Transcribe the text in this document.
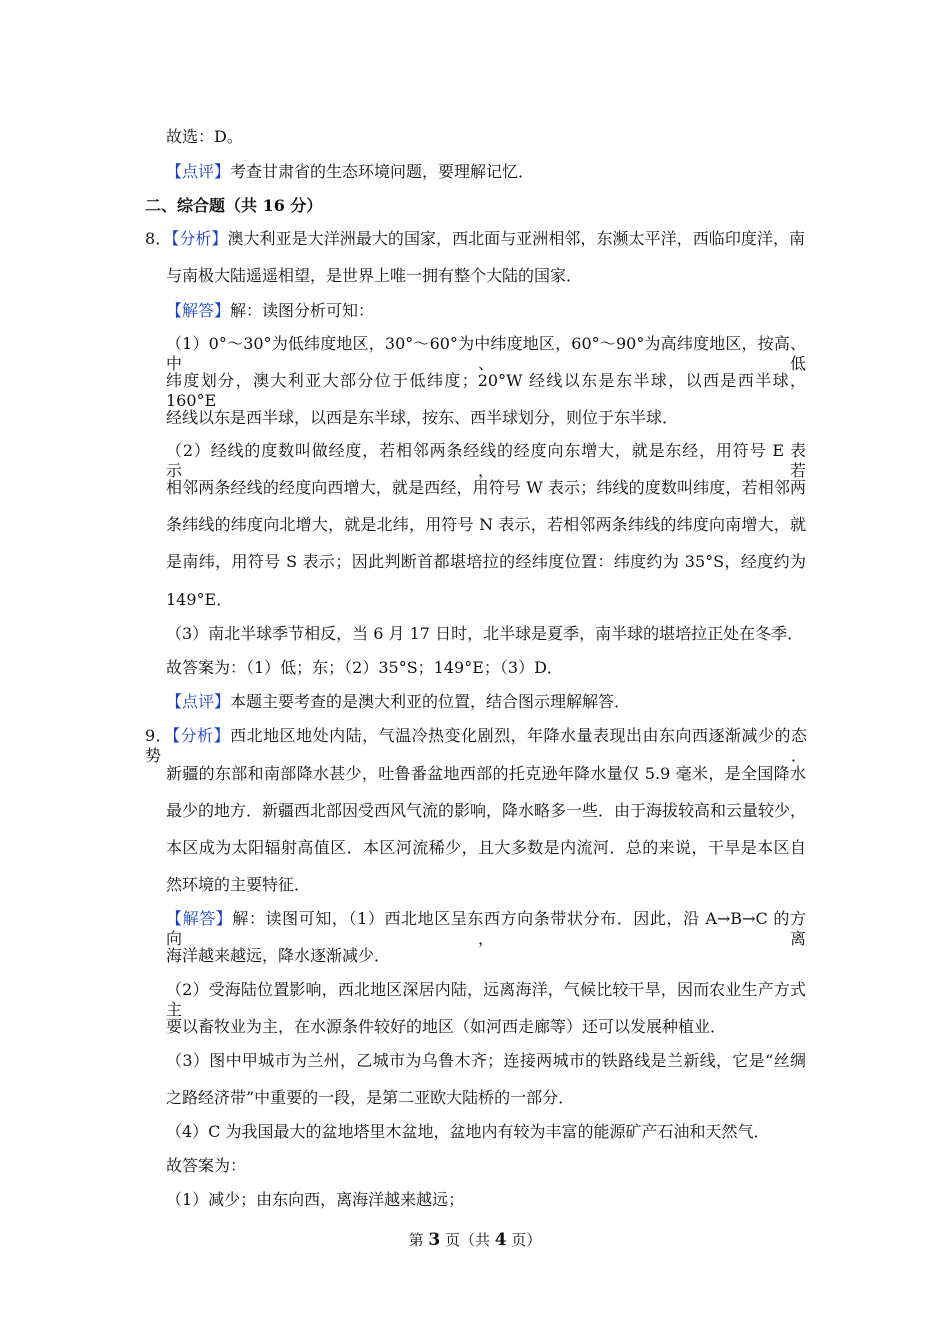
故选：D。
【点评】考查甘肃省的生态环境问题，要理解记忆．
二、综合题（共 16 分）
8．【分析】澳大利亚是大洋洲最大的国家，西北面与亚洲相邻，东濒太平洋，西临印度洋，南
与南极大陆遥遥相望，是世界上唯一拥有整个大陆的国家．
【解答】解：读图分析可知：
（1）0°～30°为低纬度地区，30°～60°为中纬度地区，60°～90°为高纬度地区，按高、中、低
纬度划分，澳大利亚大部分位于低纬度；20°W 经线以东是东半球，以西是西半球，160°E
经线以东是西半球，以西是东半球，按东、西半球划分，则位于东半球．
（2）经线的度数叫做经度，若相邻两条经线的经度向东增大，就是东经，用符号 E 表示，若
相邻两条经线的经度向西增大，就是西经，用符号 W 表示；纬线的度数叫纬度，若相邻两
条纬线的纬度向北增大，就是北纬，用符号 N 表示，若相邻两条纬线的纬度向南增大，就
是南纬，用符号 S 表示；因此判断首都堪培拉的经纬度位置：纬度约为 35°S，经度约为
149°E．
（3）南北半球季节相反，当 6 月 17 日时，北半球是夏季，南半球的堪培拉正处在冬季．
故答案为：（1）低；东；（2）35°S；149°E；（3）D．
【点评】本题主要考查的是澳大利亚的位置，结合图示理解解答．
9．【分析】西北地区地处内陆，气温冷热变化剧烈，年降水量表现出由东向西逐渐减少的态势．
新疆的东部和南部降水甚少，吐鲁番盆地西部的托克逊年降水量仅 5.9 毫米，是全国降水
最少的地方．新疆西北部因受西风气流的影响，降水略多一些．由于海拔较高和云量较少，
本区成为太阳辐射高值区．本区河流稀少，且大多数是内流河．总的来说，干旱是本区自
然环境的主要特征．
【解答】解：读图可知，（1）西北地区呈东西方向条带状分布．因此，沿 A→B→C 的方向，离
海洋越来越远，降水逐渐减少．
（2）受海陆位置影响，西北地区深居内陆，远离海洋，气候比较干旱，因而农业生产方式主
要以畜牧业为主，在水源条件较好的地区（如河西走廊等）还可以发展种植业．
（3）图中甲城市为兰州，乙城市为乌鲁木齐；连接两城市的铁路线是兰新线，它是“丝绸
之路经济带”中重要的一段，是第二亚欧大陆桥的一部分．
（4）C 为我国最大的盆地塔里木盆地，盆地内有较为丰富的能源矿产石油和天然气．
故答案为：
（1）减少；由东向西，离海洋越来越远；
第 3 页（共 4 页）
